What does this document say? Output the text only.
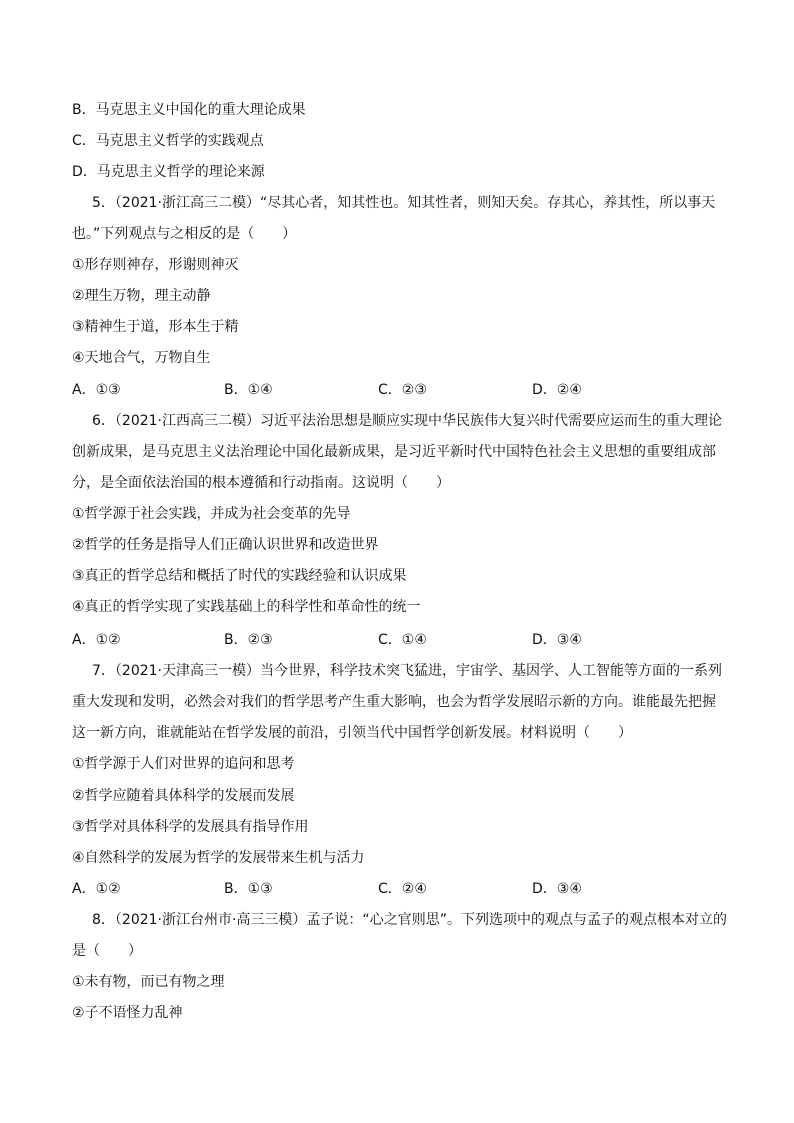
B．马克思主义中国化的重大理论成果
C．马克思主义哲学的实践观点
D．马克思主义哲学的理论来源
5．（2021·浙江高三二模）“尽其心者，知其性也。知其性者，则知天矣。存其心，养其性，所以事天
也。”下列观点与之相反的是（　　）
①形存则神存，形谢则神灭
②理生万物，理主动静
③精神生于道，形本生于精
④天地合气，万物自生
A．①③	B．①④	C．②③	D．②④
6．（2021·江西高三二模）习近平法治思想是顺应实现中华民族伟大复兴时代需要应运而生的重大理论
创新成果，是马克思主义法治理论中国化最新成果，是习近平新时代中国特色社会主义思想的重要组成部
分，是全面依法治国的根本遵循和行动指南。这说明（　　）
①哲学源于社会实践，并成为社会变革的先导
②哲学的任务是指导人们正确认识世界和改造世界
③真正的哲学总结和概括了时代的实践经验和认识成果
④真正的哲学实现了实践基础上的科学性和革命性的统一
A．①②	B．②③	C．①④	D．③④
7．（2021·天津高三一模）当今世界，科学技术突飞猛进，宇宙学、基因学、人工智能等方面的一系列
重大发现和发明，必然会对我们的哲学思考产生重大影响，也会为哲学发展昭示新的方向。谁能最先把握
这一新方向，谁就能站在哲学发展的前沿，引领当代中国哲学创新发展。材料说明（　　）
①哲学源于人们对世界的追问和思考
②哲学应随着具体科学的发展而发展
③哲学对具体科学的发展具有指导作用
④自然科学的发展为哲学的发展带来生机与活力
A．①②	B．①③	C．②④	D．③④
8．（2021·浙江台州市·高三三模）孟子说：“心之官则思”。下列选项中的观点与孟子的观点根本对立的
是（　　）
①未有物，而已有物之理
②子不语怪力乱神
